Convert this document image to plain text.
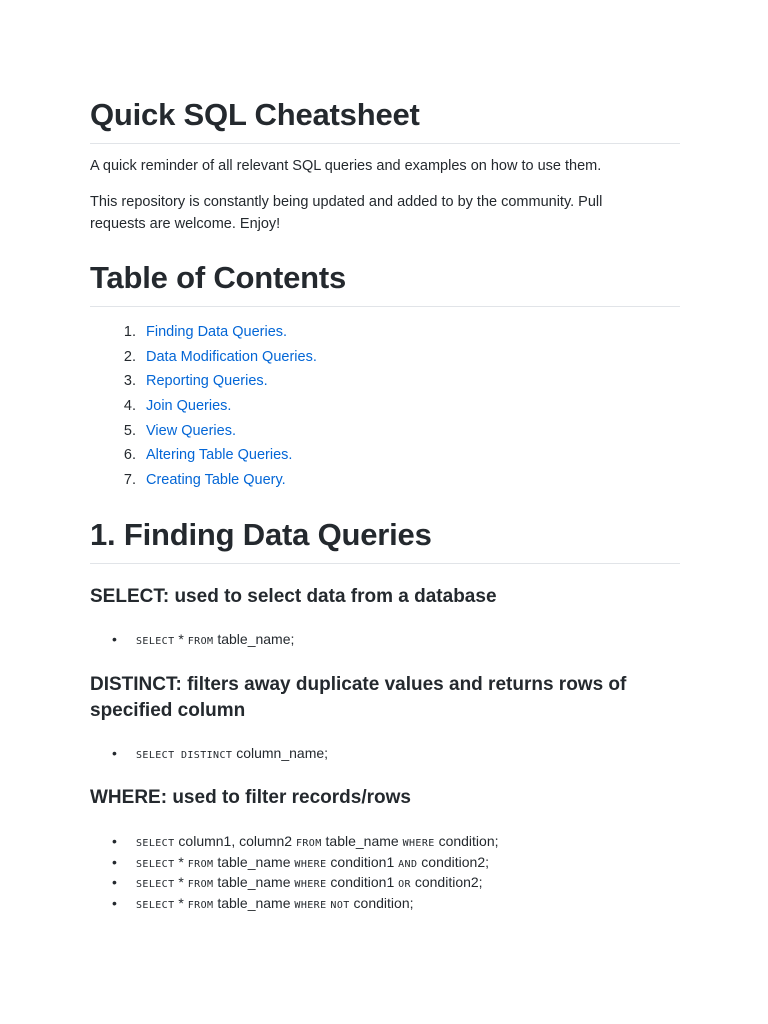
Quick SQL Cheatsheet

A quick reminder of all relevant SQL queries and examples on how to use them.

This repository is constantly being updated and added to by the community. Pull requests are welcome. Enjoy!

Table of Contents
1. Finding Data Queries.
2. Data Modification Queries.
3. Reporting Queries.
4. Join Queries.
5. View Queries.
6. Altering Table Queries.
7. Creating Table Query.
1. Finding Data Queries
SELECT: used to select data from a database
• SELECT * FROM table_name;
DISTINCT: filters away duplicate values and returns rows of specified column
• SELECT DISTINCT column_name;
WHERE: used to filter records/rows
• SELECT column1, column2 FROM table_name WHERE condition;
• SELECT * FROM table_name WHERE condition1 AND condition2;
• SELECT * FROM table_name WHERE condition1 OR condition2;
• SELECT * FROM table_name WHERE NOT condition;
